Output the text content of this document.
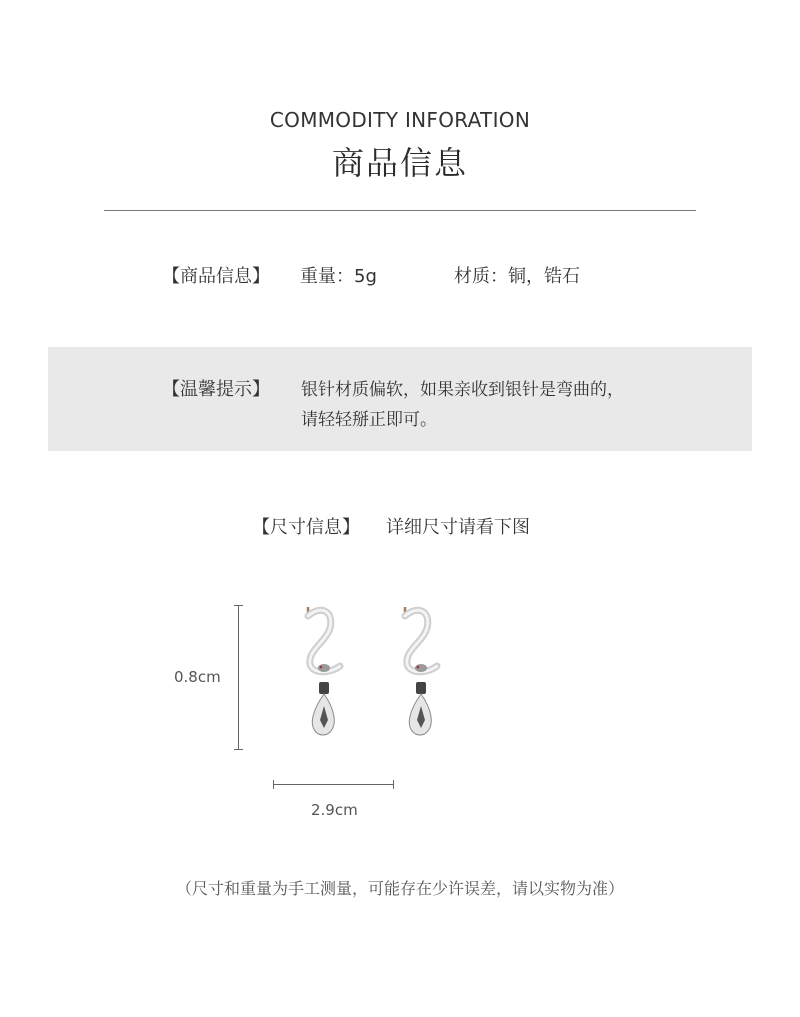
COMMODITY INFORATION
商品信息
【商品信息】 重量：5g	材质：铜，锆石
【温馨提示】 银针材质偏软，如果亲收到银针是弯曲的，
请轻轻掰正即可。
【尺寸信息】 详细尺寸请看下图
0.8cm
2.9cm
（尺寸和重量为手工测量，可能存在少许误差，请以实物为准）
